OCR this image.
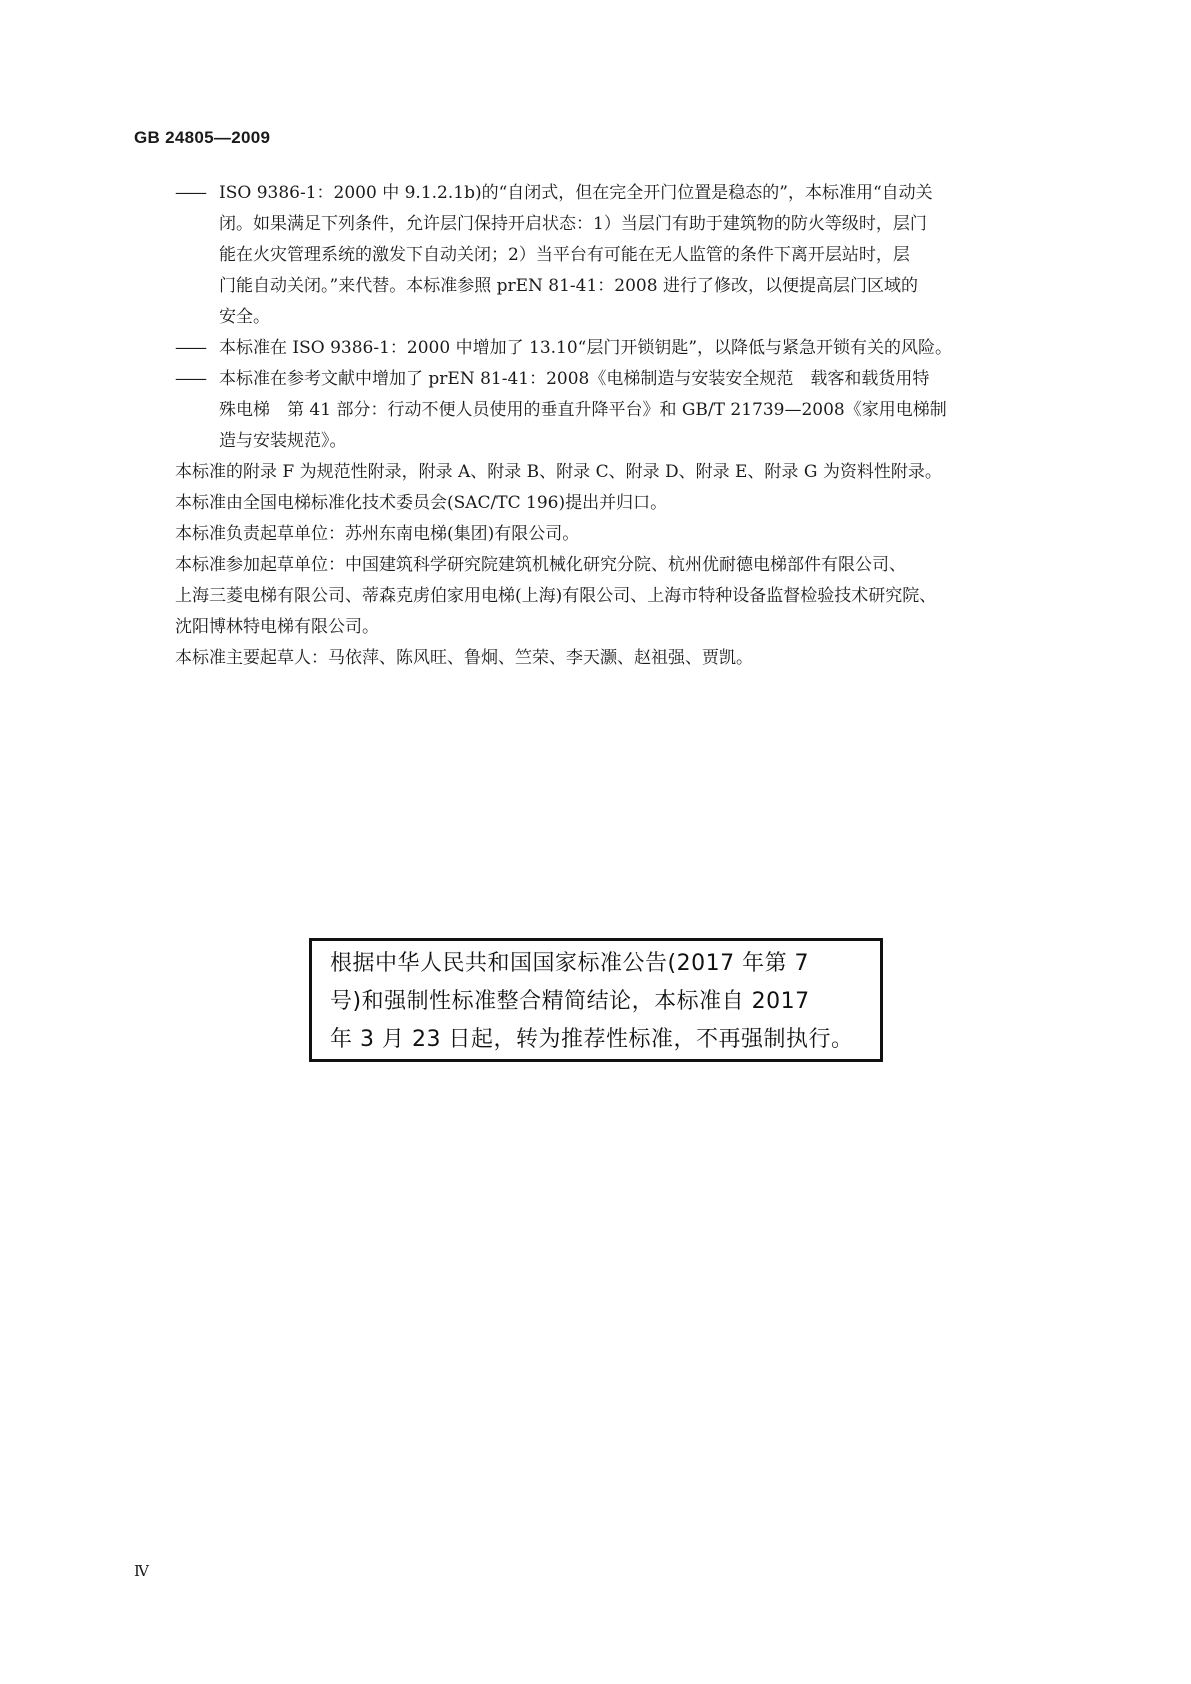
GB 24805—2009
—— ISO 9386-1：2000 中 9.1.2.1b)的“自闭式，但在完全开门位置是稳态的”，本标准用“自动关
闭。如果满足下列条件，允许层门保持开启状态：1）当层门有助于建筑物的防火等级时，层门
能在火灾管理系统的激发下自动关闭；2）当平台有可能在无人监管的条件下离开层站时，层
门能自动关闭。”来代替。本标准参照 prEN 81-41：2008 进行了修改，以便提高层门区域的
安全。
—— 本标准在 ISO 9386-1：2000 中增加了 13.10“层门开锁钥匙”，以降低与紧急开锁有关的风险。
—— 本标准在参考文献中增加了 prEN 81-41：2008《电梯制造与安装安全规范　载客和载货用特
殊电梯　第 41 部分：行动不便人员使用的垂直升降平台》和 GB/T 21739—2008《家用电梯制
造与安装规范》。
本标准的附录 F 为规范性附录，附录 A、附录 B、附录 C、附录 D、附录 E、附录 G 为资料性附录。
本标准由全国电梯标准化技术委员会(SAC/TC 196)提出并归口。
本标准负责起草单位：苏州东南电梯(集团)有限公司。
本标准参加起草单位：中国建筑科学研究院建筑机械化研究分院、杭州优耐德电梯部件有限公司、
上海三菱电梯有限公司、蒂森克虏伯家用电梯(上海)有限公司、上海市特种设备监督检验技术研究院、
沈阳博林特电梯有限公司。
本标准主要起草人：马依萍、陈风旺、鲁炯、竺荣、李天灏、赵祖强、贾凯。
根据中华人民共和国国家标准公告(2017 年第 7
号)和强制性标准整合精简结论，本标准自 2017
年 3 月 23 日起，转为推荐性标准，不再强制执行。
Ⅳ
